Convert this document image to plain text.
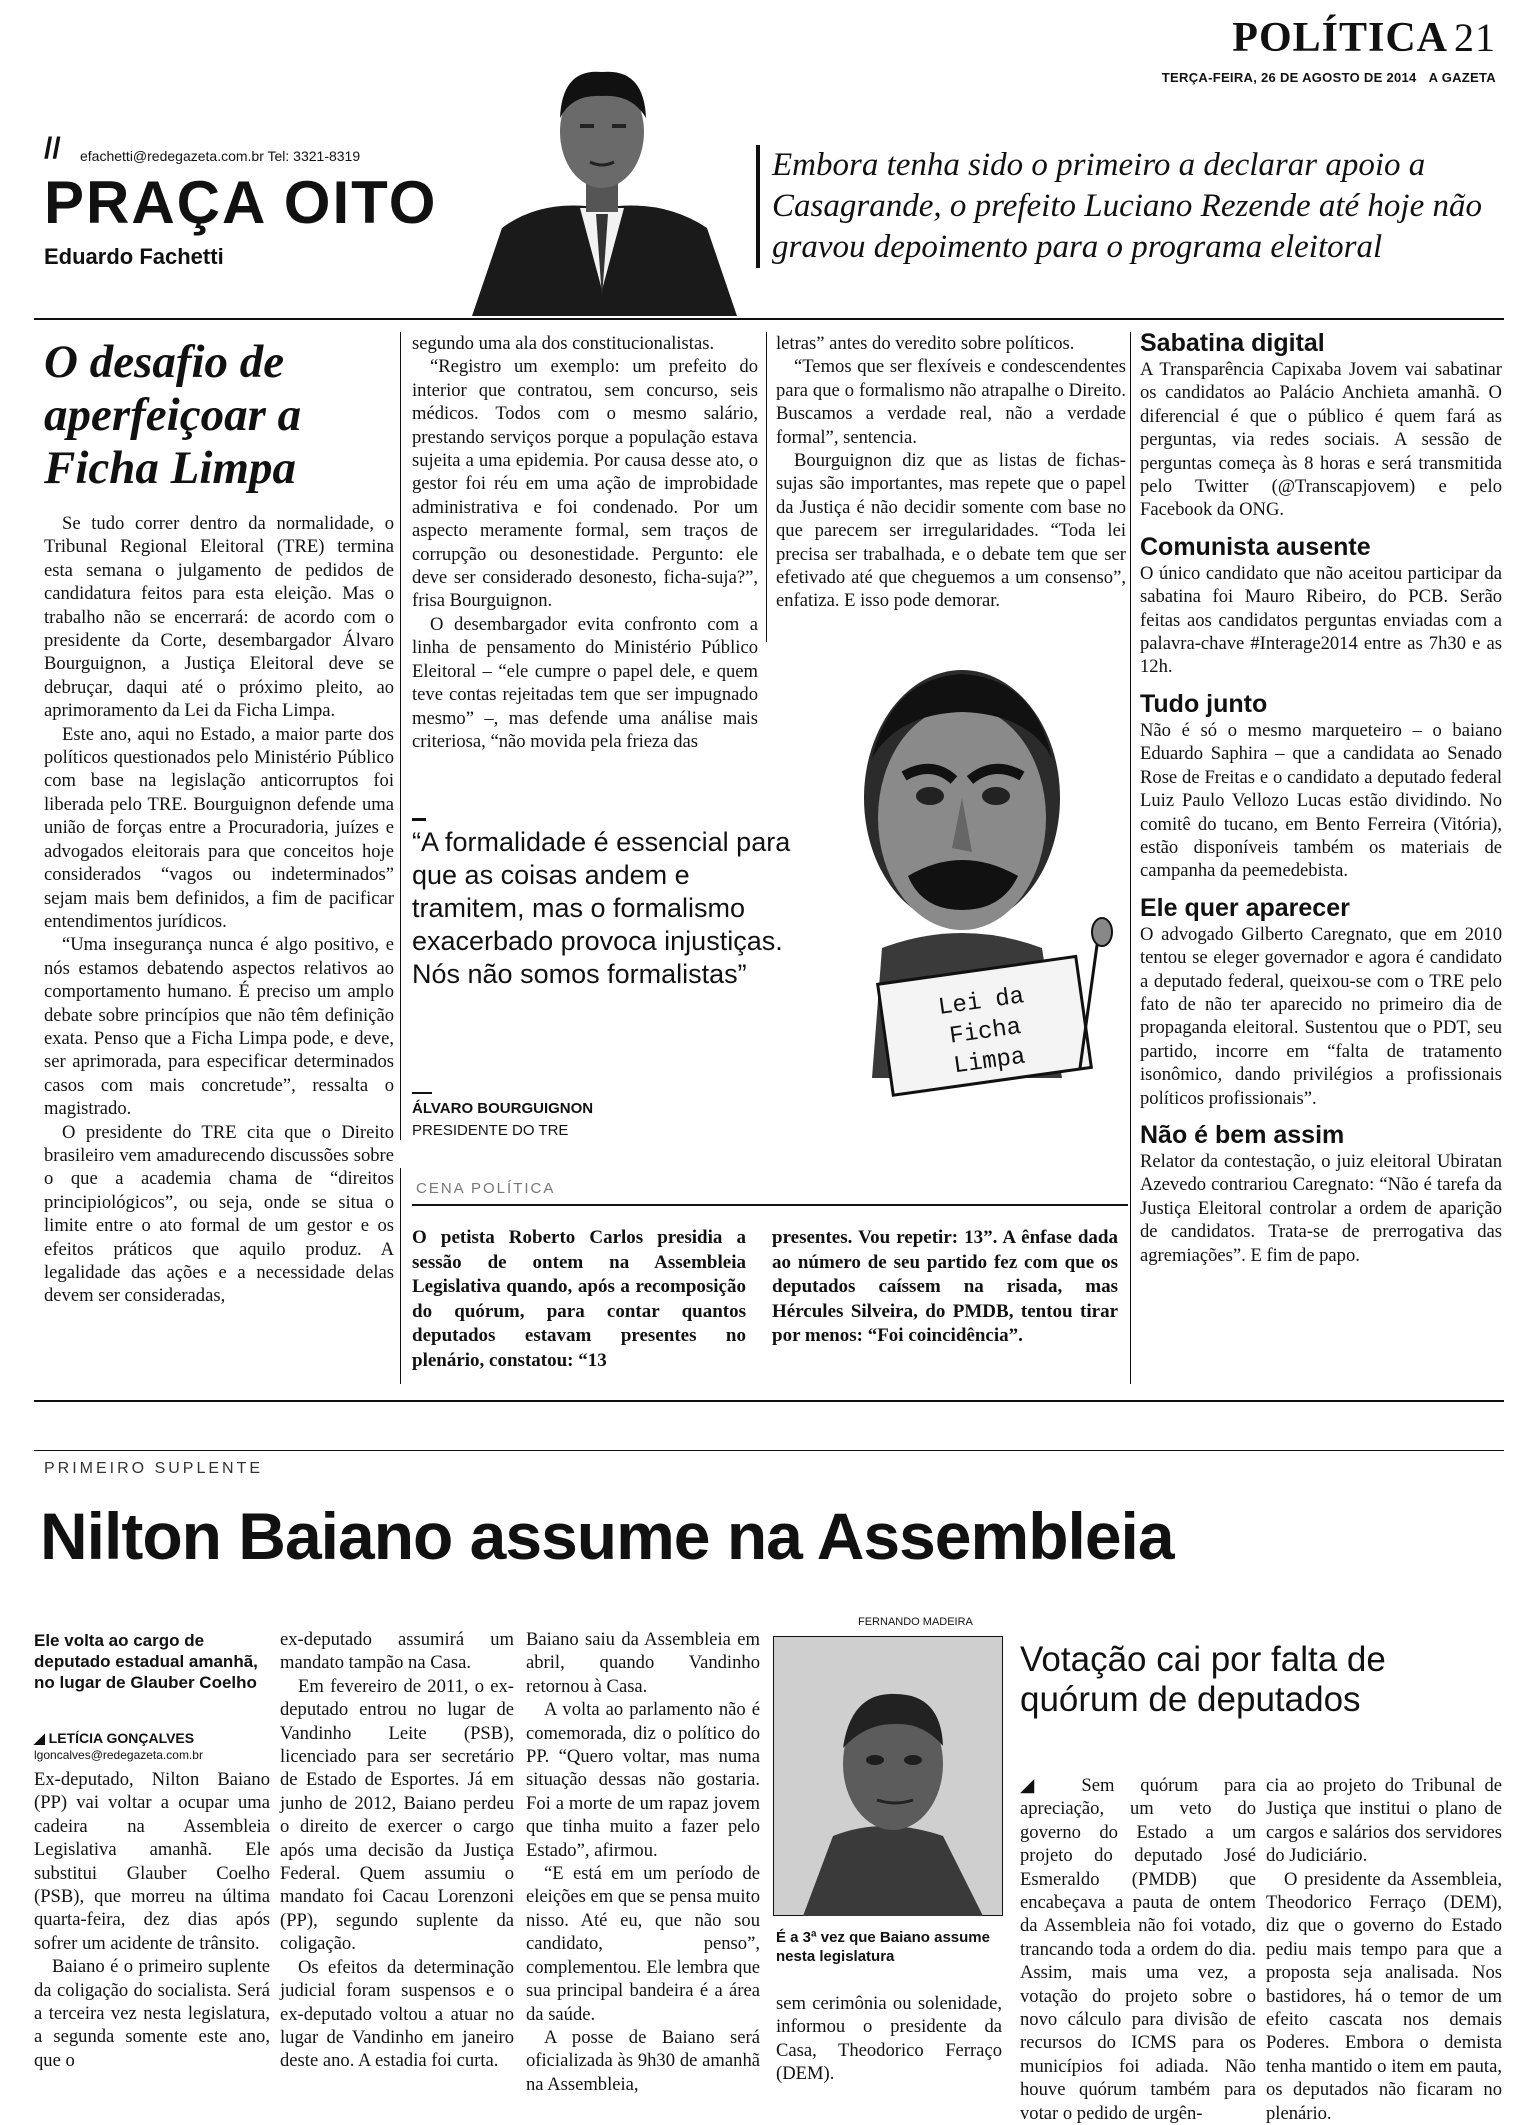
POLÍTICA 21
TERÇA-FEIRA, 26 DE AGOSTO DE 2014 A GAZETA
// efachetti@redegazeta.com.br Tel: 3321-8319
PRAÇA OITO
Eduardo Fachetti
Embora tenha sido o primeiro a declarar apoio a Casagrande, o prefeito Luciano Rezende até hoje não gravou depoimento para o programa eleitoral
O desafio de aperfeiçoar a Ficha Limpa

Se tudo correr dentro da normalidade, o Tribunal Regional Eleitoral (TRE) termina esta semana o julgamento de pedidos de candidatura feitos para esta eleição. Mas o trabalho não se encerrará: de acordo com o presidente da Corte, desembargador Álvaro Bourguignon, a Justiça Eleitoral deve se debruçar, daqui até o próximo pleito, ao aprimoramento da Lei da Ficha Limpa.

Este ano, aqui no Estado, a maior parte dos políticos questionados pelo Ministério Público com base na legislação anticorruptos foi liberada pelo TRE. Bourguignon defende uma união de forças entre a Procuradoria, juízes e advogados eleitorais para que conceitos hoje considerados “vagos ou indeterminados” sejam mais bem definidos, a fim de pacificar entendimentos jurídicos.

“Uma insegurança nunca é algo positivo, e nós estamos debatendo aspectos relativos ao comportamento humano. É preciso um amplo debate sobre princípios que não têm definição exata. Penso que a Ficha Limpa pode, e deve, ser aprimorada, para especificar determinados casos com mais concretude”, ressalta o magistrado.

O presidente do TRE cita que o Direito brasileiro vem amadurecendo discussões sobre o que a academia chama de “direitos principiológicos”, ou seja, onde se situa o limite entre o ato formal de um gestor e os efeitos práticos que aquilo produz. A legalidade das ações e a necessidade delas devem ser consideradas,

segundo uma ala dos constitucionalistas.

“Registro um exemplo: um prefeito do interior que contratou, sem concurso, seis médicos. Todos com o mesmo salário, prestando serviços porque a população estava sujeita a uma epidemia. Por causa desse ato, o gestor foi réu em uma ação de improbidade administrativa e foi condenado. Por um aspecto meramente formal, sem traços de corrupção ou desonestidade. Pergunto: ele deve ser considerado desonesto, ficha-suja?”, frisa Bourguignon.

O desembargador evita confronto com a linha de pensamento do Ministério Público Eleitoral – “ele cumpre o papel dele, e quem teve contas rejeitadas tem que ser impugnado mesmo” –, mas defende uma análise mais criteriosa, “não movida pela frieza das

“A formalidade é essencial para que as coisas andem e tramitem, mas o formalismo exacerbado provoca injustiças. Nós não somos formalistas”
ÁLVARO BOURGUIGNON
PRESIDENTE DO TRE

letras” antes do veredito sobre políticos.

“Temos que ser flexíveis e condescendentes para que o formalismo não atrapalhe o Direito. Buscamos a verdade real, não a verdade formal”, sentencia.

Bourguignon diz que as listas de fichas-sujas são importantes, mas repete que o papel da Justiça é não decidir somente com base no que parecem ser irregularidades. “Toda lei precisa ser trabalhada, e o debate tem que ser efetivado até que cheguemos a um consenso”, enfatiza. E isso pode demorar.

Lei da
Ficha
Limpa
CENA POLÍTICA
O petista Roberto Carlos presidia a sessão de ontem na Assembleia Legislativa quando, após a recomposição do quórum, para contar quantos deputados estavam presentes no plenário, constatou: “13
presentes. Vou repetir: 13”. A ênfase dada ao número de seu partido fez com que os deputados caíssem na risada, mas Hércules Silveira, do PMDB, tentou tirar por menos: “Foi coincidência”.
Sabatina digital

A Transparência Capixaba Jovem vai sabatinar os candidatos ao Palácio Anchieta amanhã. O diferencial é que o público é quem fará as perguntas, via redes sociais. A sessão de perguntas começa às 8 horas e será transmitida pelo Twitter (@Transcapjovem) e pelo Facebook da ONG.

Comunista ausente

O único candidato que não aceitou participar da sabatina foi Mauro Ribeiro, do PCB. Serão feitas aos candidatos perguntas enviadas com a palavra-chave #Interage2014 entre as 7h30 e as 12h.

Tudo junto

Não é só o mesmo marqueteiro – o baiano Eduardo Saphira – que a candidata ao Senado Rose de Freitas e o candidato a deputado federal Luiz Paulo Vellozo Lucas estão dividindo. No comitê do tucano, em Bento Ferreira (Vitória), estão disponíveis também os materiais de campanha da peemedebista.

Ele quer aparecer

O advogado Gilberto Caregnato, que em 2010 tentou se eleger governador e agora é candidato a deputado federal, queixou-se com o TRE pelo fato de não ter aparecido no primeiro dia de propaganda eleitoral. Sustentou que o PDT, seu partido, incorre em “falta de tratamento isonômico, dando privilégios a profissionais políticos profissionais”.

Não é bem assim

Relator da contestação, o juiz eleitoral Ubiratan Azevedo contrariou Caregnato: “Não é tarefa da Justiça Eleitoral controlar a ordem de aparição de candidatos. Trata-se de prerrogativa das agremiações”. E fim de papo.

PRIMEIRO SUPLENTE
Nilton Baiano assume na Assembleia
Ele volta ao cargo de deputado estadual amanhã, no lugar de Glauber Coelho
◢ LETÍCIA GONÇALVES
lgoncalves@redegazeta.com.br

Ex-deputado, Nilton Baiano (PP) vai voltar a ocupar uma cadeira na Assembleia Legislativa amanhã. Ele substitui Glauber Coelho (PSB), que morreu na última quarta-feira, dez dias após sofrer um acidente de trânsito.

Baiano é o primeiro suplente da coligação do socialista. Será a terceira vez nesta legislatura, a segunda somente este ano, que o

ex-deputado assumirá um mandato tampão na Casa.

Em fevereiro de 2011, o ex-deputado entrou no lugar de Vandinho Leite (PSB), licenciado para ser secretário de Estado de Esportes. Já em junho de 2012, Baiano perdeu o direito de exercer o cargo após uma decisão da Justiça Federal. Quem assumiu o mandato foi Cacau Lorenzoni (PP), segundo suplente da coligação.

Os efeitos da determinação judicial foram suspensos e o ex-deputado voltou a atuar no lugar de Vandinho em janeiro deste ano. A estadia foi curta.

Baiano saiu da Assembleia em abril, quando Vandinho retornou à Casa.

A volta ao parlamento não é comemorada, diz o político do PP. “Quero voltar, mas numa situação dessas não gostaria. Foi a morte de um rapaz jovem que tinha muito a fazer pelo Estado”, afirmou.

“E está em um período de eleições em que se pensa muito nisso. Até eu, que não sou candidato, penso”, complementou. Ele lembra que sua principal bandeira é a área da saúde.

A posse de Baiano será oficializada às 9h30 de amanhã na Assembleia,

FERNANDO MADEIRA
É a 3ª vez que Baiano assume nesta legislatura
sem cerimônia ou solenidade, informou o presidente da Casa, Theodorico Ferraço (DEM).
Votação cai por falta de quórum de deputados

◢ Sem quórum para apreciação, um veto do governo do Estado a um projeto do deputado José Esmeraldo (PMDB) que encabeçava a pauta de ontem da Assembleia não foi votado, trancando toda a ordem do dia. Assim, mais uma vez, a votação do projeto sobre o novo cálculo para divisão de recursos do ICMS para os municípios foi adiada. Não houve quórum também para votar o pedido de urgên-

cia ao projeto do Tribunal de Justiça que institui o plano de cargos e salários dos servidores do Judiciário.

O presidente da Assembleia, Theodorico Ferraço (DEM), diz que o governo do Estado pediu mais tempo para que a proposta seja analisada. Nos bastidores, há o temor de um efeito cascata nos demais Poderes. Embora o demista tenha mantido o item em pauta, os deputados não ficaram no plenário.
